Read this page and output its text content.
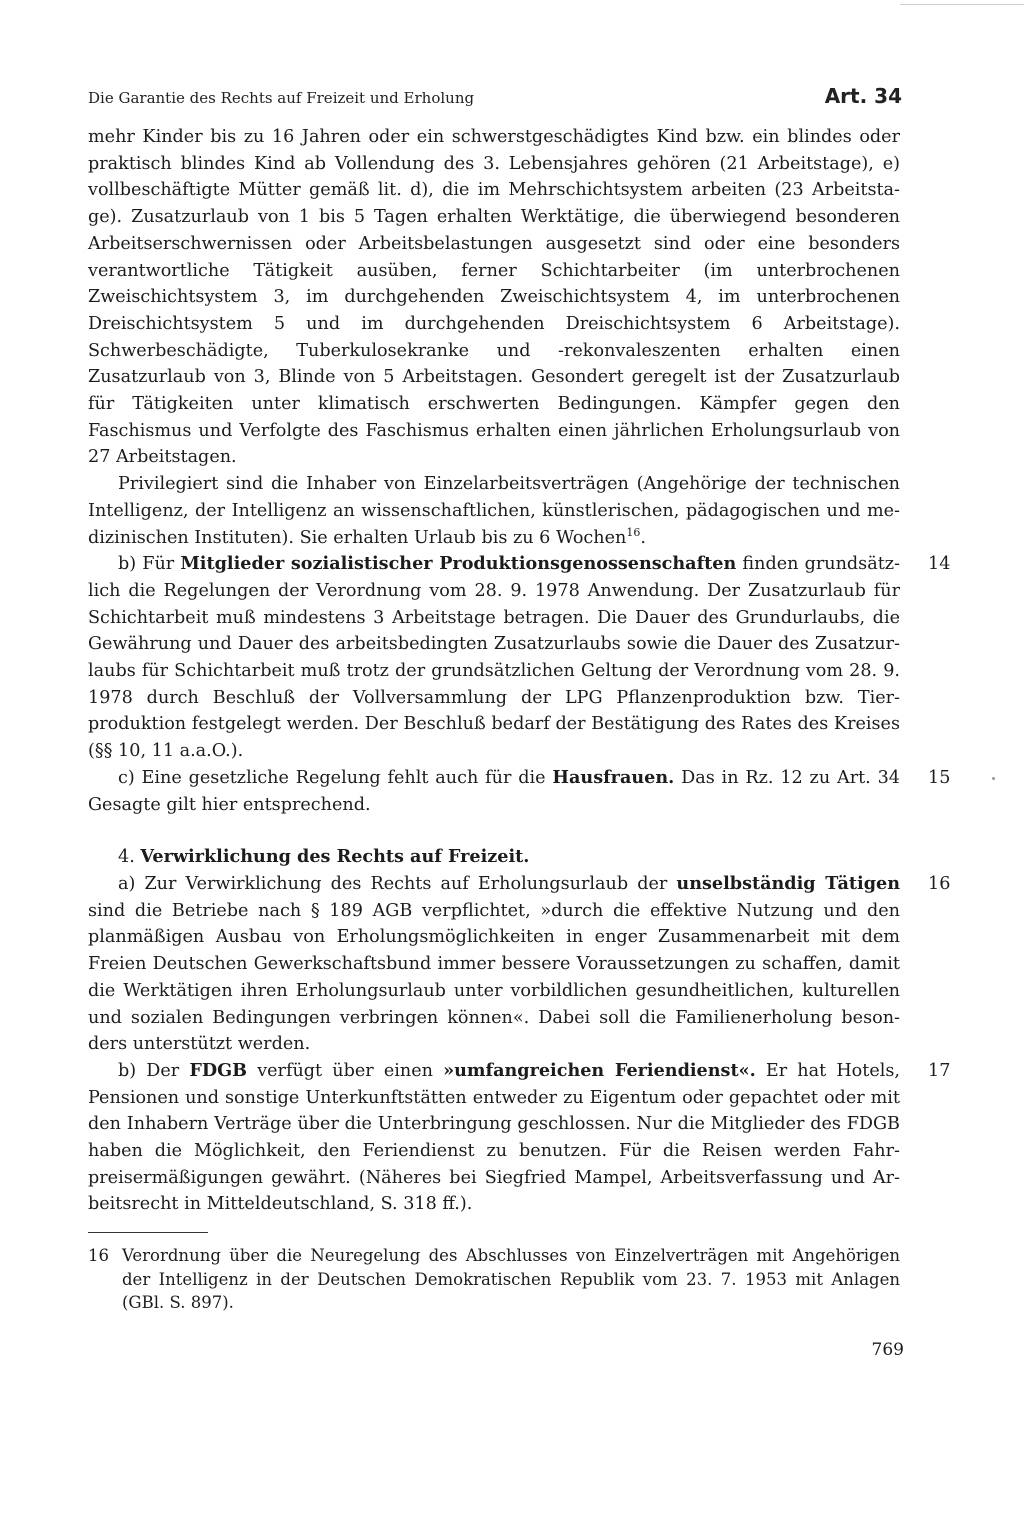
Die Garantie des Rechts auf Freizeit und Erholung	Art. 34

mehr Kinder bis zu 16 Jahren oder ein schwerstgeschädigtes Kind bzw. ein blindes oder praktisch blindes Kind ab Vollendung des 3. Lebensjahres gehören (21 Arbeitstage), e) vollbeschäftigte Mütter gemäß lit. d), die im Mehrschichtsystem arbeiten (23 Arbeitstage). Zusatzurlaub von 1 bis 5 Tagen erhalten Werktätige, die überwiegend besonderen Arbeitserschwernissen oder Arbeitsbelastungen ausgesetzt sind oder eine besonders verantwortliche Tätigkeit ausüben, ferner Schichtarbeiter (im unterbrochenen Zweischichtsystem 3, im durchgehenden Zweischichtsystem 4, im unterbrochenen Dreischichtsystem 5 und im durchgehenden Dreischichtsystem 6 Arbeitstage). Schwerbeschädigte, Tuberkulosekranke und -rekonvaleszenten erhalten einen Zusatzurlaub von 3, Blinde von 5 Arbeitstagen. Gesondert geregelt ist der Zusatzurlaub für Tätigkeiten unter klimatisch erschwerten Bedingungen. Kämpfer gegen den Faschismus und Verfolgte des Faschismus erhalten einen jährlichen Erholungsurlaub von 27 Arbeitstagen.

Privilegiert sind die Inhaber von Einzelarbeitsverträgen (Angehörige der technischen Intelligenz, der Intelligenz an wissenschaftlichen, künstlerischen, pädagogischen und medizinischen Instituten). Sie erhalten Urlaub bis zu 6 Wochen$^{16}$.

14
b) Für Mitglieder sozialistischer Produktionsgenossenschaften finden grundsätzlich die Regelungen der Verordnung vom 28. 9. 1978 Anwendung. Der Zusatzurlaub für Schichtarbeit muß mindestens 3 Arbeitstage betragen. Die Dauer des Grundurlaubs, die Gewährung und Dauer des arbeitsbedingten Zusatzurlaubs sowie die Dauer des Zusatzurlaubs für Schichtarbeit muß trotz der grundsätzlichen Geltung der Verordnung vom 28. 9. 1978 durch Beschluß der Vollversammlung der LPG Pflanzenproduktion bzw. Tierproduktion festgelegt werden. Der Beschluß bedarf der Bestätigung des Rates des Kreises (§§ 10, 11 a.a.O.).

15
c) Eine gesetzliche Regelung fehlt auch für die Hausfrauen. Das in Rz. 12 zu Art. 34 Gesagte gilt hier entsprechend.

4. Verwirklichung des Rechts auf Freizeit.

16
a) Zur Verwirklichung des Rechts auf Erholungsurlaub der unselbständig Tätigen sind die Betriebe nach § 189 AGB verpflichtet, »durch die effektive Nutzung und den planmäßigen Ausbau von Erholungsmöglichkeiten in enger Zusammenarbeit mit dem Freien Deutschen Gewerkschaftsbund immer bessere Voraussetzungen zu schaffen, damit die Werktätigen ihren Erholungsurlaub unter vorbildlichen gesundheitlichen, kulturellen und sozialen Bedingungen verbringen können«. Dabei soll die Familienerholung besonders unterstützt werden.

17
b) Der FDGB verfügt über einen »umfangreichen Feriendienst«. Er hat Hotels, Pensionen und sonstige Unterkunftstätten entweder zu Eigentum oder gepachtet oder mit den Inhabern Verträge über die Unterbringung geschlossen. Nur die Mitglieder des FDGB haben die Möglichkeit, den Feriendienst zu benutzen. Für die Reisen werden Fahrpreisermäßigungen gewährt. (Näheres bei Siegfried Mampel, Arbeitsverfassung und Arbeitsrecht in Mitteldeutschland, S. 318 ff.).

16 Verordnung über die Neuregelung des Abschlusses von Einzelverträgen mit Angehörigen der Intelligenz in der Deutschen Demokratischen Republik vom 23. 7. 1953 mit Anlagen (GBl. S. 897).
769
